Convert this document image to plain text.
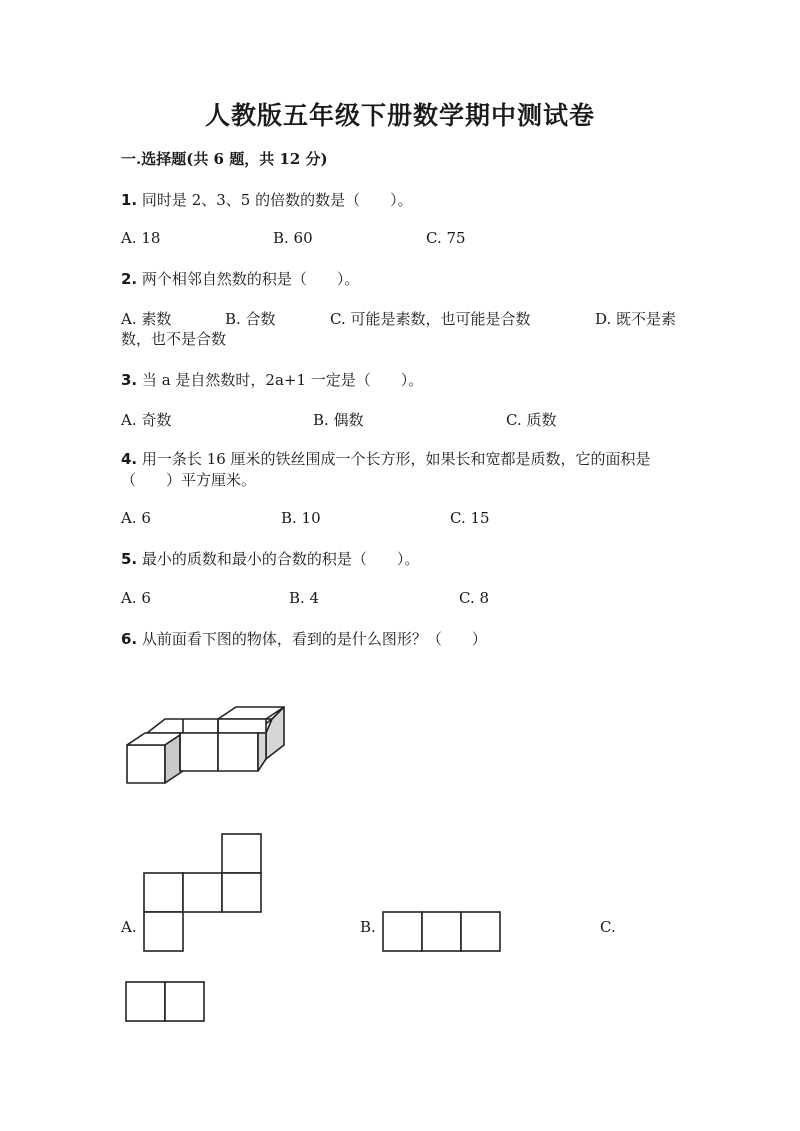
人教版五年级下册数学期中测试卷
一.选择题(共 6 题，共 12 分)
1. 同时是 2、3、5 的倍数的数是（　　）。
A. 18	B. 60	C. 75
2. 两个相邻自然数的积是（　　）。
A. 素数	B. 合数	C. 可能是素数，也可能是合数	D. 既不是素
数，也不是合数
3. 当 a 是自然数时，2a+1 一定是（　　）。
A. 奇数	B. 偶数	C. 质数
4. 用一条长 16 厘米的铁丝围成一个长方形，如果长和宽都是质数，它的面积是
（　　）平方厘米。
A. 6	B. 10	C. 15
5. 最小的质数和最小的合数的积是（　　）。
A. 6	B. 4	C. 8
6. 从前面看下图的物体，看到的是什么图形？（　　）
A.	B.	C.
